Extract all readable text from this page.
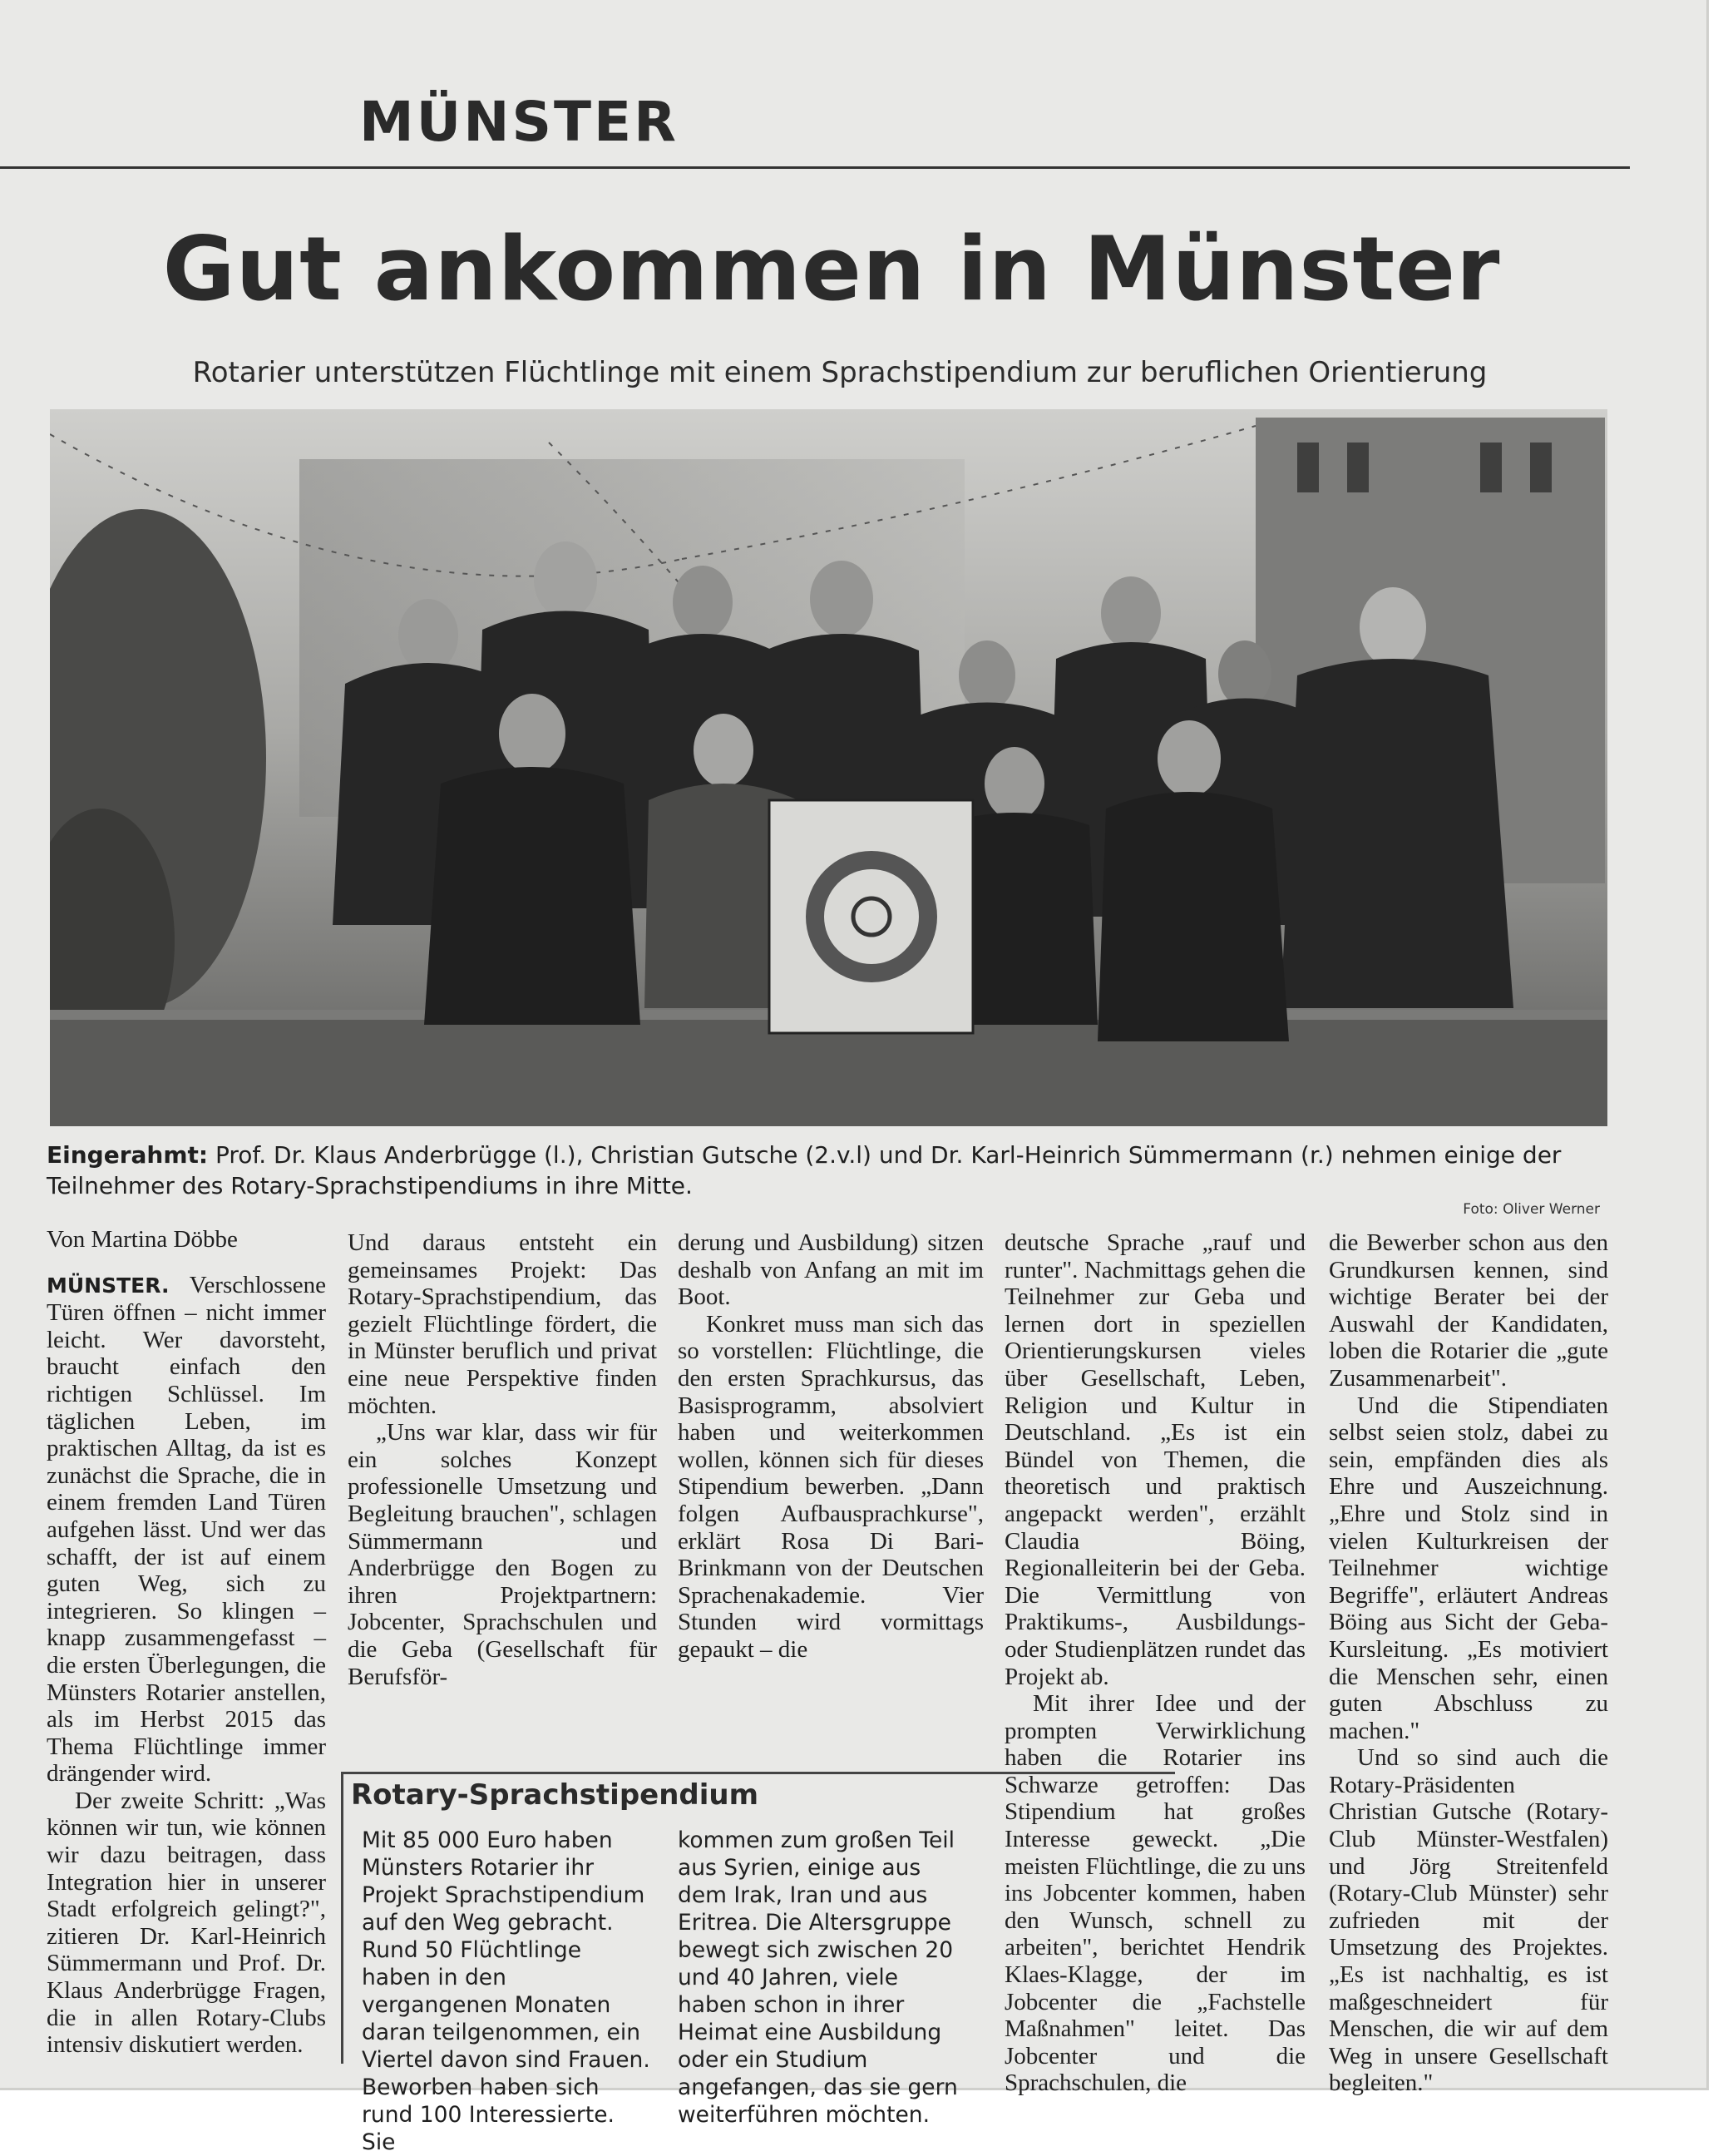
MÜNSTER
Gut ankommen in Münster
Rotarier unterstützen Flüchtlinge mit einem Sprachstipendium zur beruflichen Orientierung
Eingerahmt: Prof. Dr. Klaus Anderbrügge (l.), Christian Gutsche (2.v.l) und Dr. Karl-Heinrich Sümmermann (r.) nehmen einige der Teilnehmer des Rotary-Sprachstipendiums in ihre Mitte.
Foto: Oliver Werner

Von Martina Döbbe

MÜNSTER. Verschlossene Türen öffnen – nicht immer leicht. Wer davorsteht, braucht einfach den richtigen Schlüssel. Im täglichen Leben, im praktischen Alltag, da ist es zunächst die Sprache, die in einem fremden Land Türen aufgehen lässt. Und wer das schafft, der ist auf einem guten Weg, sich zu integrieren. So klingen – knapp zusammengefasst – die ersten Überlegungen, die Münsters Rotarier anstellen, als im Herbst 2015 das Thema Flüchtlinge immer drängender wird.

Der zweite Schritt: „Was können wir tun, wie können wir dazu beitragen, dass Integration hier in unserer Stadt erfolgreich gelingt?", zitieren Dr. Karl-Heinrich Sümmermann und Prof. Dr. Klaus Anderbrügge Fragen, die in allen Rotary-Clubs intensiv diskutiert werden.

Und daraus entsteht ein gemeinsames Projekt: Das Rotary-Sprachstipendium, das gezielt Flüchtlinge fördert, die in Münster beruflich und privat eine neue Perspektive finden möchten.

„Uns war klar, dass wir für ein solches Konzept professionelle Umsetzung und Begleitung brauchen", schlagen Sümmermann und Anderbrügge den Bogen zu ihren Projektpartnern: Jobcenter, Sprachschulen und die Geba (Gesellschaft für Berufsför-

derung und Ausbildung) sitzen deshalb von Anfang an mit im Boot.

Konkret muss man sich das so vorstellen: Flüchtlinge, die den ersten Sprachkursus, das Basisprogramm, absolviert haben und weiterkommen wollen, können sich für dieses Stipendium bewerben. „Dann folgen Aufbausprachkurse", erklärt Rosa Di Bari-Brinkmann von der Deutschen Sprachenakademie. Vier Stunden wird vormittags gepaukt – die

deutsche Sprache „rauf und runter". Nachmittags gehen die Teilnehmer zur Geba und lernen dort in speziellen Orientierungskursen vieles über Gesellschaft, Leben, Religion und Kultur in Deutschland. „Es ist ein Bündel von Themen, die theoretisch und praktisch angepackt werden", erzählt Claudia Böing, Regionalleiterin bei der Geba. Die Vermittlung von Praktikums-, Ausbildungs- oder Studienplätzen rundet das Projekt ab.

Mit ihrer Idee und der prompten Verwirklichung haben die Rotarier ins Schwarze getroffen: Das Stipendium hat großes Interesse geweckt. „Die meisten Flüchtlinge, die zu uns ins Jobcenter kommen, haben den Wunsch, schnell zu arbeiten", berichtet Hendrik Klaes-Klagge, der im Jobcenter die „Fachstelle Maßnahmen" leitet. Das Jobcenter und die Sprachschulen, die

die Bewerber schon aus den Grundkursen kennen, sind wichtige Berater bei der Auswahl der Kandidaten, loben die Rotarier die „gute Zusammenarbeit".

Und die Stipendiaten selbst seien stolz, dabei zu sein, empfänden dies als Ehre und Auszeichnung. „Ehre und Stolz sind in vielen Kulturkreisen der Teilnehmer wichtige Begriffe", erläutert Andreas Böing aus Sicht der Geba-Kursleitung. „Es motiviert die Menschen sehr, einen guten Abschluss zu machen."

Und so sind auch die Rotary-Präsidenten Christian Gutsche (Rotary-Club Münster-Westfalen) und Jörg Streitenfeld (Rotary-Club Münster) sehr zufrieden mit der Umsetzung des Projektes. „Es ist nachhaltig, es ist maßgeschneidert für Menschen, die wir auf dem Weg in unsere Gesellschaft begleiten."

Rotary-Sprachstipendium

Mit 85 000 Euro haben Münsters Rotarier ihr Projekt Sprachstipendium auf den Weg gebracht. Rund 50 Flüchtlinge haben in den vergangenen Monaten daran teilgenommen, ein Viertel davon sind Frauen. Beworben haben sich rund 100 Interessierte. Sie

kommen zum großen Teil aus Syrien, einige aus dem Irak, Iran und aus Eritrea. Die Altersgruppe bewegt sich zwischen 20 und 40 Jahren, viele haben schon in ihrer Heimat eine Ausbildung oder ein Studium angefangen, das sie gern weiterführen möchten.
